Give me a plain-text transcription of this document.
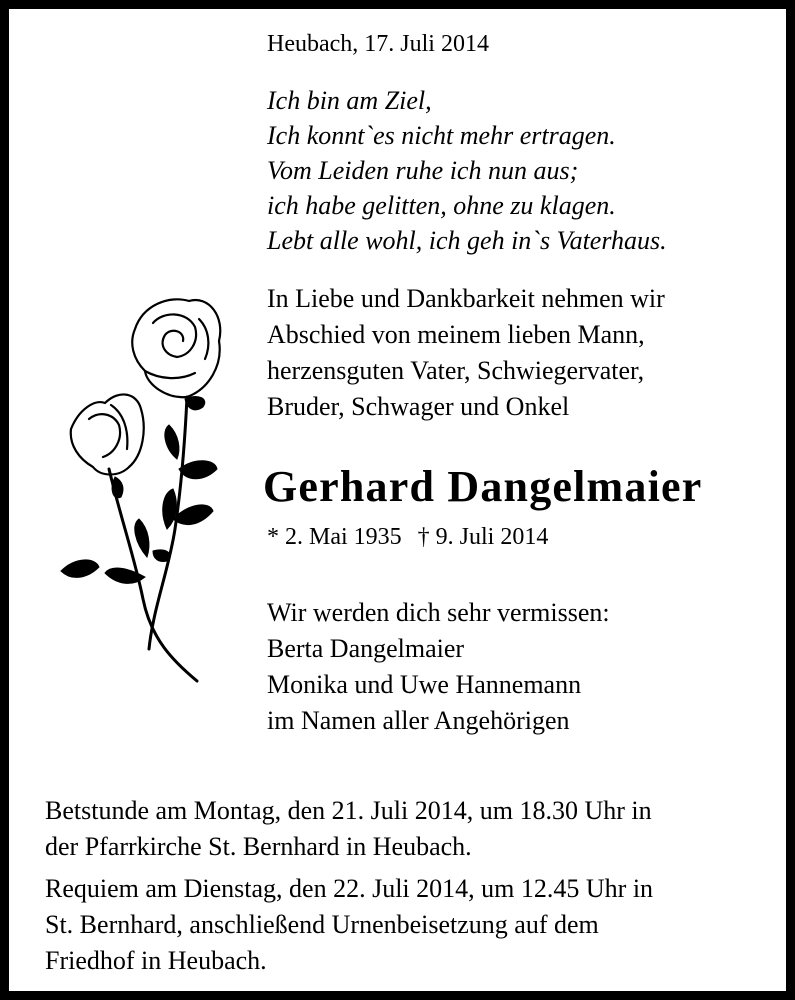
Heubach, 17. Juli 2014
Ich bin am Ziel,
Ich konnt`es nicht mehr ertragen.
Vom Leiden ruhe ich nun aus;
ich habe gelitten, ohne zu klagen.
Lebt alle wohl, ich geh in`s Vaterhaus.
In Liebe und Dankbarkeit nehmen wir
Abschied von meinem lieben Mann,
herzensguten Vater, Schwiegervater,
Bruder, Schwager und Onkel
Gerhard Dangelmaier
* 2. Mai 1935 † 9. Juli 2014
Wir werden dich sehr vermissen:
Berta Dangelmaier
Monika und Uwe Hannemann
im Namen aller Angehörigen
Betstunde am Montag, den 21. Juli 2014, um 18.30 Uhr in
der Pfarrkirche St. Bernhard in Heubach.
Requiem am Dienstag, den 22. Juli 2014, um 12.45 Uhr in
St. Bernhard, anschließend Urnenbeisetzung auf dem
Friedhof in Heubach.
